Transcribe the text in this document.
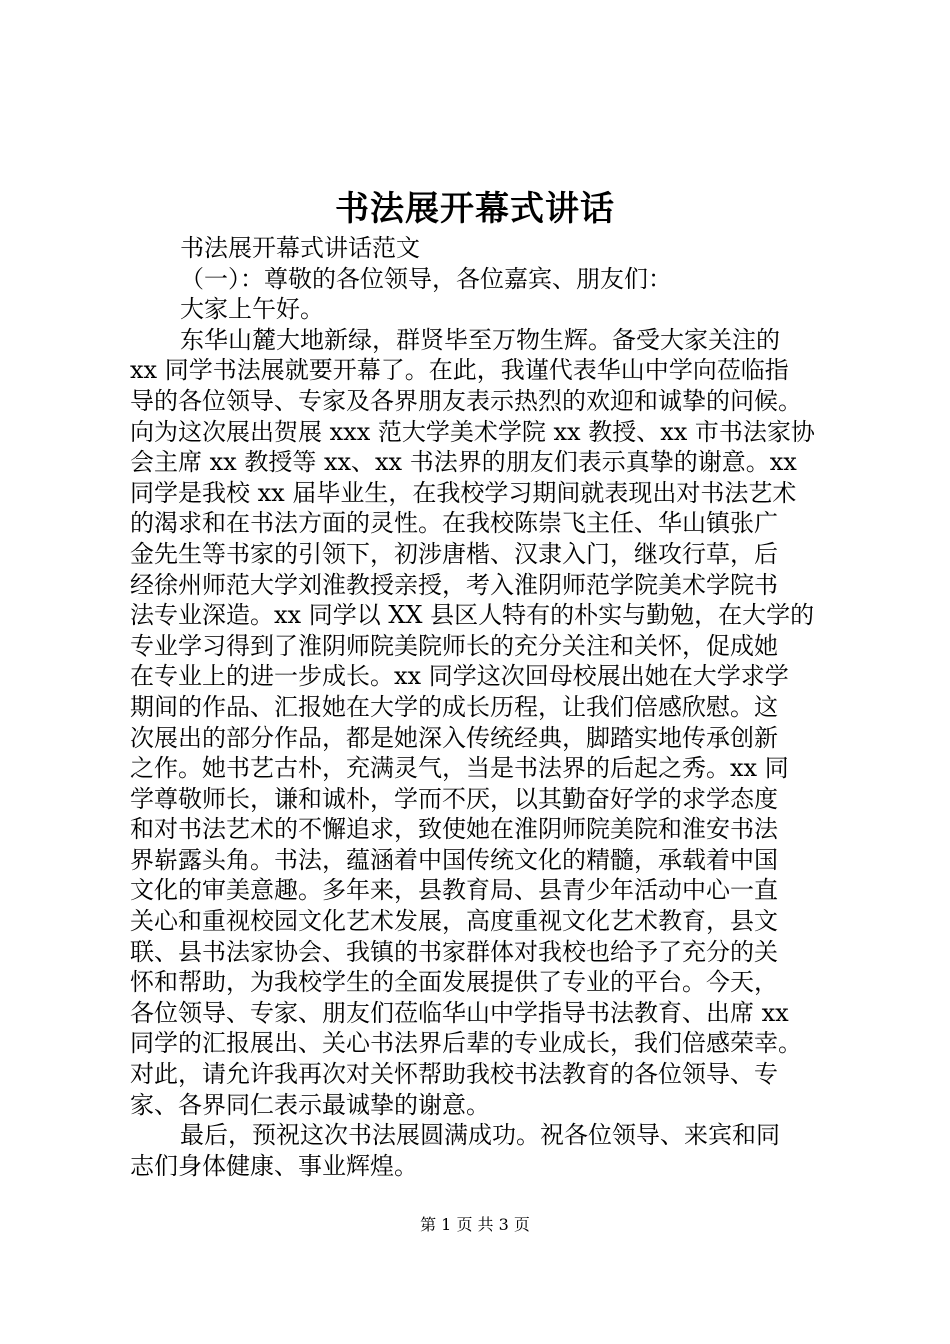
书法展开幕式讲话
书法展开幕式讲话范文
（一）：尊敬的各位领导，各位嘉宾、朋友们：
大家上午好。
东华山麓大地新绿，群贤毕至万物生辉。备受大家关注的
xx 同学书法展就要开幕了。在此，我谨代表华山中学向莅临指
导的各位领导、专家及各界朋友表示热烈的欢迎和诚挚的问候。
向为这次展出贺展 xxx 范大学美术学院 xx 教授、xx 市书法家协
会主席 xx 教授等 xx、xx 书法界的朋友们表示真挚的谢意。xx
同学是我校 xx 届毕业生，在我校学习期间就表现出对书法艺术
的渴求和在书法方面的灵性。在我校陈崇飞主任、华山镇张广
金先生等书家的引领下，初涉唐楷、汉隶入门，继攻行草，后
经徐州师范大学刘淮教授亲授，考入淮阴师范学院美术学院书
法专业深造。xx 同学以 XX 县区人特有的朴实与勤勉，在大学的
专业学习得到了淮阴师院美院师长的充分关注和关怀，促成她
在专业上的进一步成长。xx 同学这次回母校展出她在大学求学
期间的作品、汇报她在大学的成长历程，让我们倍感欣慰。这
次展出的部分作品，都是她深入传统经典，脚踏实地传承创新
之作。她书艺古朴，充满灵气，当是书法界的后起之秀。xx 同
学尊敬师长，谦和诚朴，学而不厌，以其勤奋好学的求学态度
和对书法艺术的不懈追求，致使她在淮阴师院美院和淮安书法
界崭露头角。书法，蕴涵着中国传统文化的精髓，承载着中国
文化的审美意趣。多年来，县教育局、县青少年活动中心一直
关心和重视校园文化艺术发展，高度重视文化艺术教育，县文
联、县书法家协会、我镇的书家群体对我校也给予了充分的关
怀和帮助，为我校学生的全面发展提供了专业的平台。今天，
各位领导、专家、朋友们莅临华山中学指导书法教育、出席 xx
同学的汇报展出、关心书法界后辈的专业成长，我们倍感荣幸。
对此，请允许我再次对关怀帮助我校书法教育的各位领导、专
家、各界同仁表示最诚挚的谢意。
最后，预祝这次书法展圆满成功。祝各位领导、来宾和同
志们身体健康、事业辉煌。
第 1 页 共 3 页
